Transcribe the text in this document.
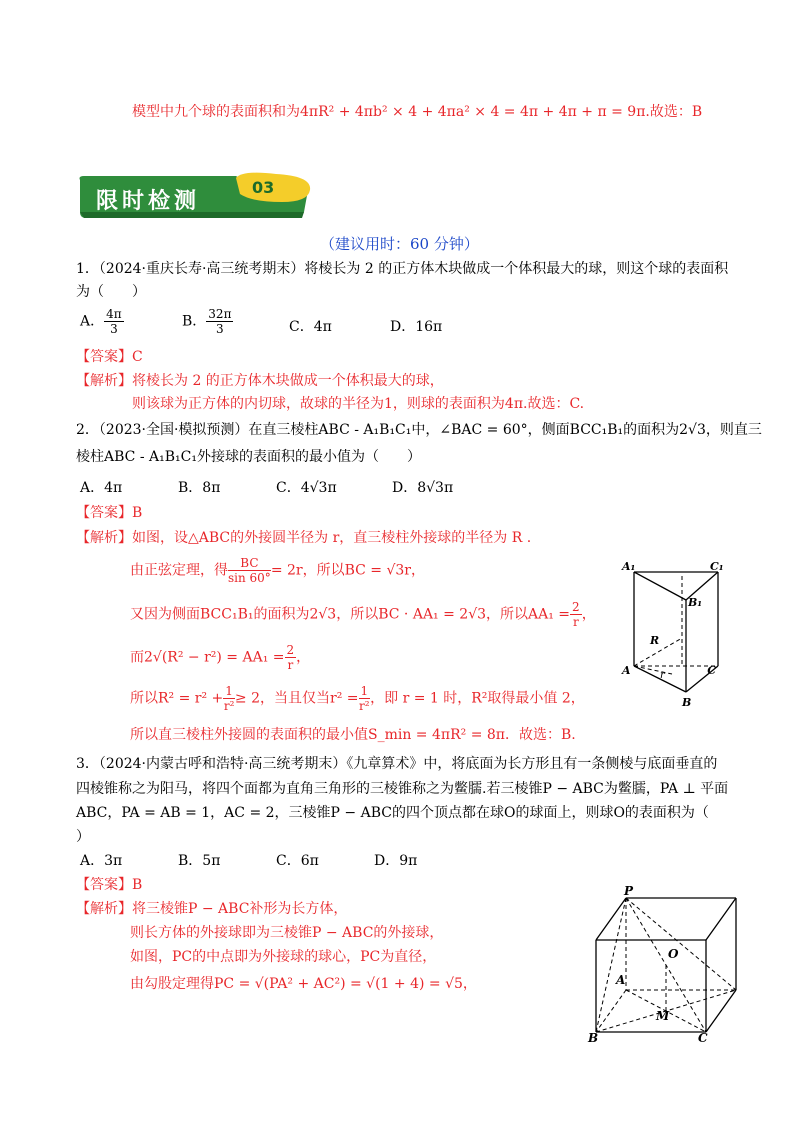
模型中九个球的表面积和为4πR² + 4πb² × 4 + 4πa² × 4 = 4π + 4π + π = 9π.故选：B
限时检测
03
（建议用时：60 分钟）
1．（2024·重庆长寿·高三统考期末）将棱长为 2 的正方体木块做成一个体积最大的球，则这个球的表面积
为（　　）
A． $\frac{4\pi}{3}$	B． $\frac{32\pi}{3}$	C．4π	D．16π
【答案】C
【解析】将棱长为 2 的正方体木块做成一个体积最大的球，
则该球为正方体的内切球，故球的半径为1，则球的表面积为4π.故选：C.
2．（2023·全国·模拟预测）在直三棱柱ABC - A₁B₁C₁中，∠BAC = 60°，侧面BCC₁B₁的面积为2√3，则直三
棱柱ABC - A₁B₁C₁外接球的表面积的最小值为（　　）
A．4π	B．8π	C．4√3π	D．8√3π
【答案】B
【解析】如图，设△ABC的外接圆半径为 r，直三棱柱外接球的半径为 R .
由正弦定理，得 $\frac{BC}{\sin 60^\circ} = 2r$，所以BC = √3r，
又因为侧面BCC₁B₁的面积为2√3，所以BC · AA₁ = 2√3，所以$AA_1 = \frac{2}{r}$ ，
而$2√(R^2 - r^2) = AA_1 = \frac{2}{r}$ ，
所以$R^2 = r^2 + \frac{1}{\text{r²}} \ge 2$，当且仅当$r^2 = \frac{1}{\text{r²}}$ ，即 r = 1 时，R²取得最小值 2，
所以直三棱柱外接圆的表面积的最小值S_min = 4πR² = 8π．故选：B.
A₁	C₁
B₁
R
r
A	C
B
3．（2024·内蒙古呼和浩特·高三统考期末）《九章算术》中，将底面为长方形且有一条侧棱与底面垂直的
四棱锥称之为阳马，将四个面都为直角三角形的三棱锥称之为鳖臑.若三棱锥P − ABC为鳖臑，PA ⊥ 平面
ABC，PA = AB = 1，AC = 2，三棱锥P − ABC的四个顶点都在球O的球面上，则球O的表面积为（
）
A．3π	B．5π	C．6π	D．9π
【答案】B
【解析】将三棱锥P − ABC补形为长方体，
则长方体的外接球即为三棱锥P − ABC的外接球，
如图，PC的中点即为外接球的球心，PC为直径，
由勾股定理得PC = √(PA² + AC²) = √(1 + 4) = √5，
P
O
A
M
B	C
